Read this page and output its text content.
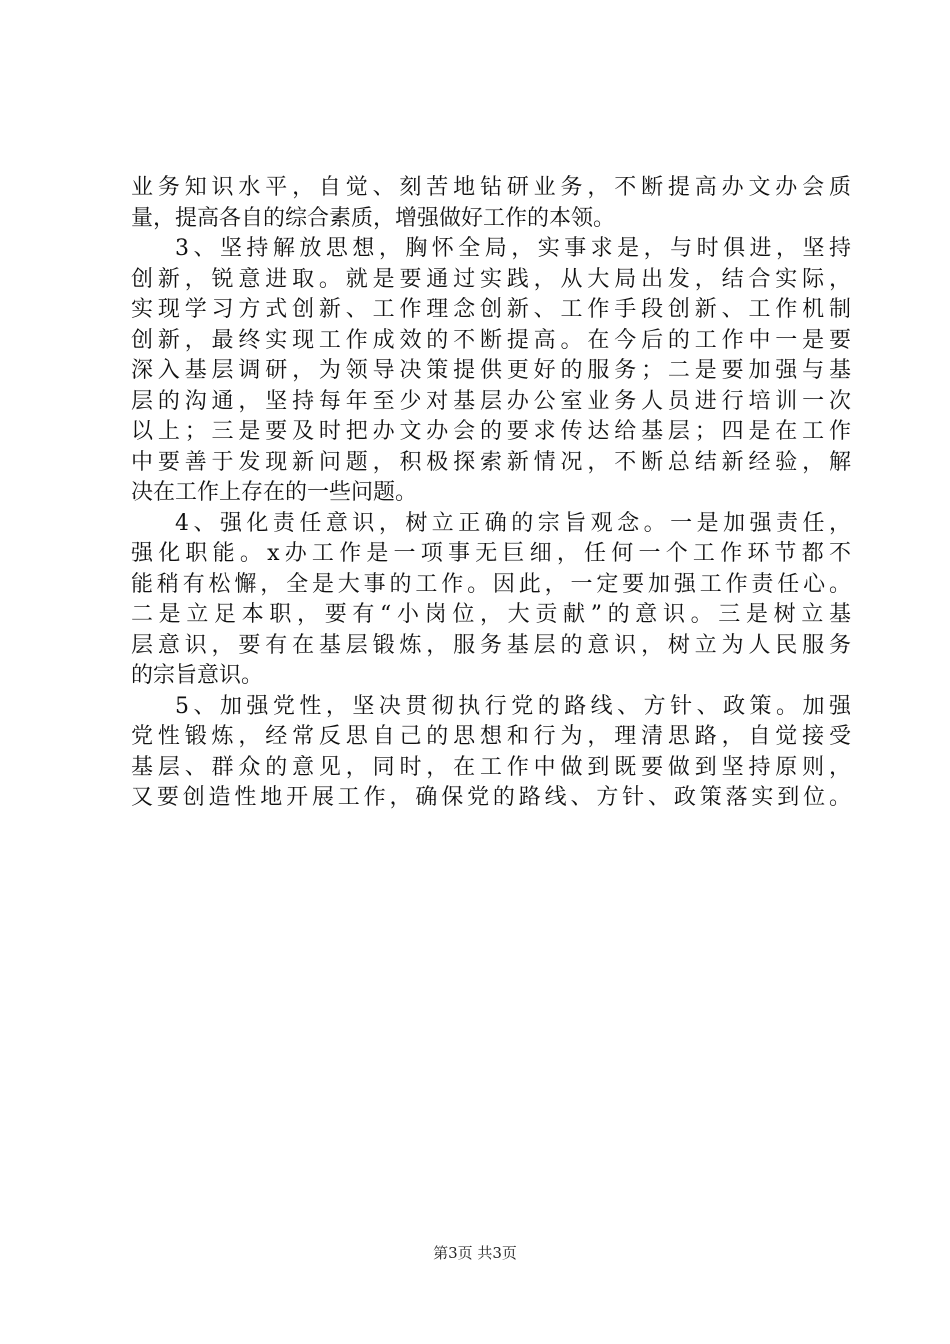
业务知识水平，自觉、刻苦地钻研业务，不断提高办文办会质
量，提高各自的综合素质，增强做好工作的本领。
3、坚持解放思想，胸怀全局，实事求是，与时俱进，坚持
创新，锐意进取。就是要通过实践，从大局出发，结合实际，
实现学习方式创新、工作理念创新、工作手段创新、工作机制
创新，最终实现工作成效的不断提高。在今后的工作中一是要
深入基层调研，为领导决策提供更好的服务；二是要加强与基
层的沟通，坚持每年至少对基层办公室业务人员进行培训一次
以上；三是要及时把办文办会的要求传达给基层；四是在工作
中要善于发现新问题，积极探索新情况，不断总结新经验，解
决在工作上存在的一些问题。
4、强化责任意识，树立正确的宗旨观念。一是加强责任，
强化职能。x办工作是一项事无巨细，任何一个工作环节都不
能稍有松懈，全是大事的工作。因此，一定要加强工作责任心。
二是立足本职，要有“小岗位，大贡献”的意识。三是树立基
层意识，要有在基层锻炼，服务基层的意识，树立为人民服务
的宗旨意识。
5、加强党性，坚决贯彻执行党的路线、方针、政策。加强
党性锻炼，经常反思自己的思想和行为，理清思路，自觉接受
基层、群众的意见，同时，在工作中做到既要做到坚持原则，
又要创造性地开展工作，确保党的路线、方针、政策落实到位。
第3页 共3页
